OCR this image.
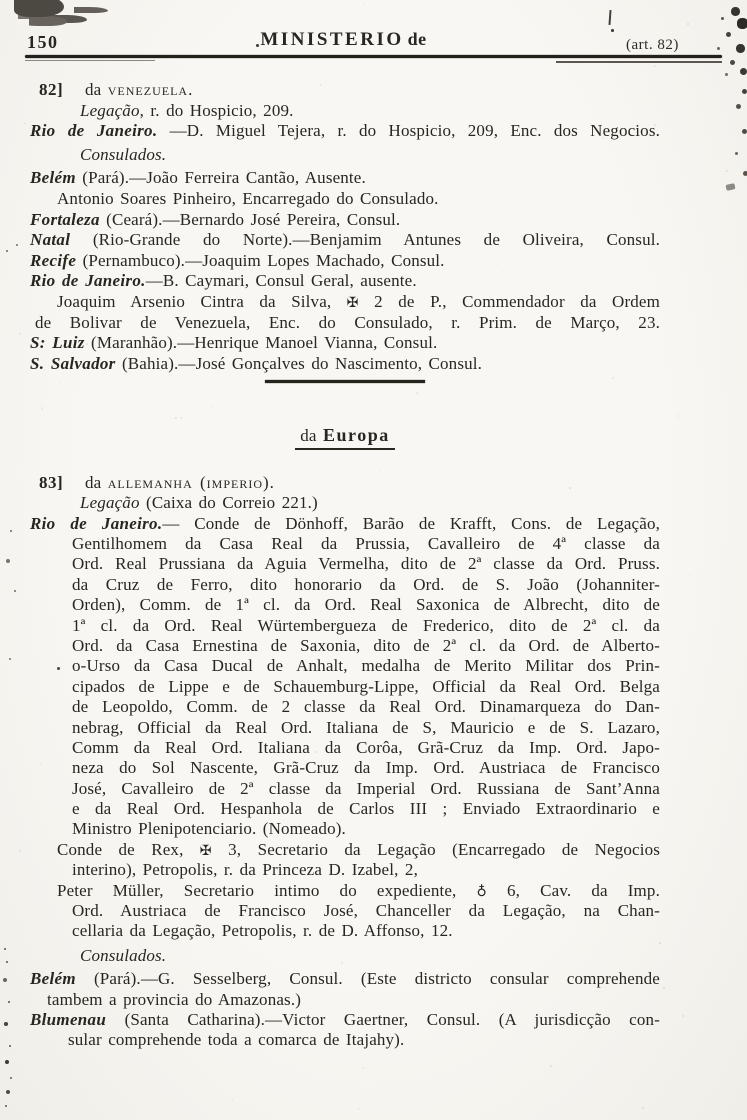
150	MINISTERIO de	(art. 82)
82] da venezuela.
Legação, r. do Hospicio, 209.
Rio de Janeiro. —D. Miguel Tejera, r. do Hospicio, 209, Enc. dos Negocios.
Consulados.
Belém (Pará).—João Ferreira Cantão, Ausente.
Antonio Soares Pinheiro, Encarregado do Consulado.
Fortaleza (Ceará).—Bernardo José Pereira, Consul.
Natal (Rio-Grande do Norte).—Benjamim Antunes de Oliveira, Consul.
Recife (Pernambuco).—Joaquim Lopes Machado, Consul.
Rio de Janeiro.—B. Caymari, Consul Geral, ausente.
Joaquim Arsenio Cintra da Silva, ✠ 2 de P., Commendador da Ordem
de Bolivar de Venezuela, Enc. do Consulado, r. Prim. de Março, 23.
S: Luiz (Maranhão).—Henrique Manoel Vianna, Consul.
S. Salvador (Bahia).—José Gonçalves do Nascimento, Consul.
da Europa
83] da allemanha (imperio).
Legação (Caixa do Correio 221.)
Rio de Janeiro.— Conde de Dönhoff, Barão de Krafft, Cons. de Legação,
Gentilhomem da Casa Real da Prussia, Cavalleiro de 4ª classe da
Ord. Real Prussiana da Aguia Vermelha, dito de 2ª classe da Ord. Pruss.
da Cruz de Ferro, dito honorario da Ord. de S. João (Johanniter-
Orden), Comm. de 1ª cl. da Ord. Real Saxonica de Albrecht, dito de
1ª cl. da Ord. Real Würtembergueza de Frederico, dito de 2ª cl. da
Ord. da Casa Ernestina de Saxonia, dito de 2ª cl. da Ord. de Alberto-
o-Urso da Casa Ducal de Anhalt, medalha de Merito Militar dos Prin-
cipados de Lippe e de Schauemburg-Lippe, Official da Real Ord. Belga
de Leopoldo, Comm. de 2 classe da Real Ord. Dinamarqueza do Dan-
nebrag, Official da Real Ord. Italiana de S, Mauricio e de S. Lazaro,
Comm da Real Ord. Italiana da Corôa, Grã-Cruz da Imp. Ord. Japo-
neza do Sol Nascente, Grã-Cruz da Imp. Ord. Austriaca de Francisco
José, Cavalleiro de 2ª classe da Imperial Ord. Russiana de Sant’Anna
e da Real Ord. Hespanhola de Carlos III ; Enviado Extraordinario e
Ministro Plenipotenciario. (Nomeado).
Conde de Rex, ✠ 3, Secretario da Legação (Encarregado de Negocios
interino), Petropolis, r. da Princeza D. Izabel, 2,
Peter Müller, Secretario intimo do expediente, ♁ 6, Cav. da Imp.
Ord. Austriaca de Francisco José, Chanceller da Legação, na Chan-
cellaria da Legação, Petropolis, r. de D. Affonso, 12.
Consulados.
Belém (Pará).—G. Sesselberg, Consul. (Este districto consular comprehende
tambem a provincia do Amazonas.)
Blumenau (Santa Catharina).—Victor Gaertner, Consul. (A jurisdicção con-
sular comprehende toda a comarca de Itajahy).
